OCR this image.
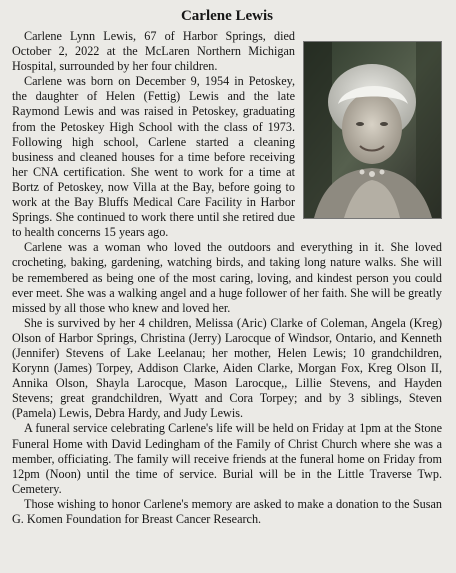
Carlene Lewis

Carlene Lynn Lewis, 67 of Harbor Springs, died October 2, 2022 at the McLaren Northern Michigan Hospital, surrounded by her four children.

Carlene was born on December 9, 1954 in Petoskey, the daughter of Helen (Fettig) Lewis and the late Raymond Lewis and was raised in Petoskey, graduating from the Petoskey High School with the class of 1973. Following high school, Carlene started a cleaning business and cleaned houses for a time before receiving her CNA certification. She went to work for a time at Bortz of Petoskey, now Villa at the Bay, before going to work at the Bay Bluffs Medical Care Facility in Harbor Springs. She continued to work there until she retired due to health concerns 15 years ago.

Carlene was a woman who loved the outdoors and everything in it. She loved crocheting, baking, gardening, watching birds, and taking long nature walks. She will be remembered as being one of the most caring, loving, and kindest person you could ever meet. She was a walking angel and a huge follower of her faith. She will be greatly missed by all those who knew and loved her.

She is survived by her 4 children, Melissa (Aric) Clarke of Coleman, Angela (Kreg) Olson of Harbor Springs, Christina (Jerry) Larocque of Windsor, Ontario, and Kenneth (Jennifer) Stevens of Lake Leelanau; her mother, Helen Lewis; 10 grandchildren, Korynn (James) Torpey, Addison Clarke, Aiden Clarke, Morgan Fox, Kreg Olson II, Annika Olson, Shayla Larocque, Mason Larocque,, Lillie Stevens, and Hayden Stevens; great grandchildren, Wyatt and Cora Torpey; and by 3 siblings, Steven (Pamela) Lewis, Debra Hardy, and Judy Lewis.

A funeral service celebrating Carlene's life will be held on Friday at 1pm at the Stone Funeral Home with David Ledingham of the Family of Christ Church where she was a member, officiating. The family will receive friends at the funeral home on Friday from 12pm (Noon) until the time of service. Burial will be in the Little Traverse Twp. Cemetery.

Those wishing to honor Carlene's memory are asked to make a donation to the Susan G. Komen Foundation for Breast Cancer Research.
